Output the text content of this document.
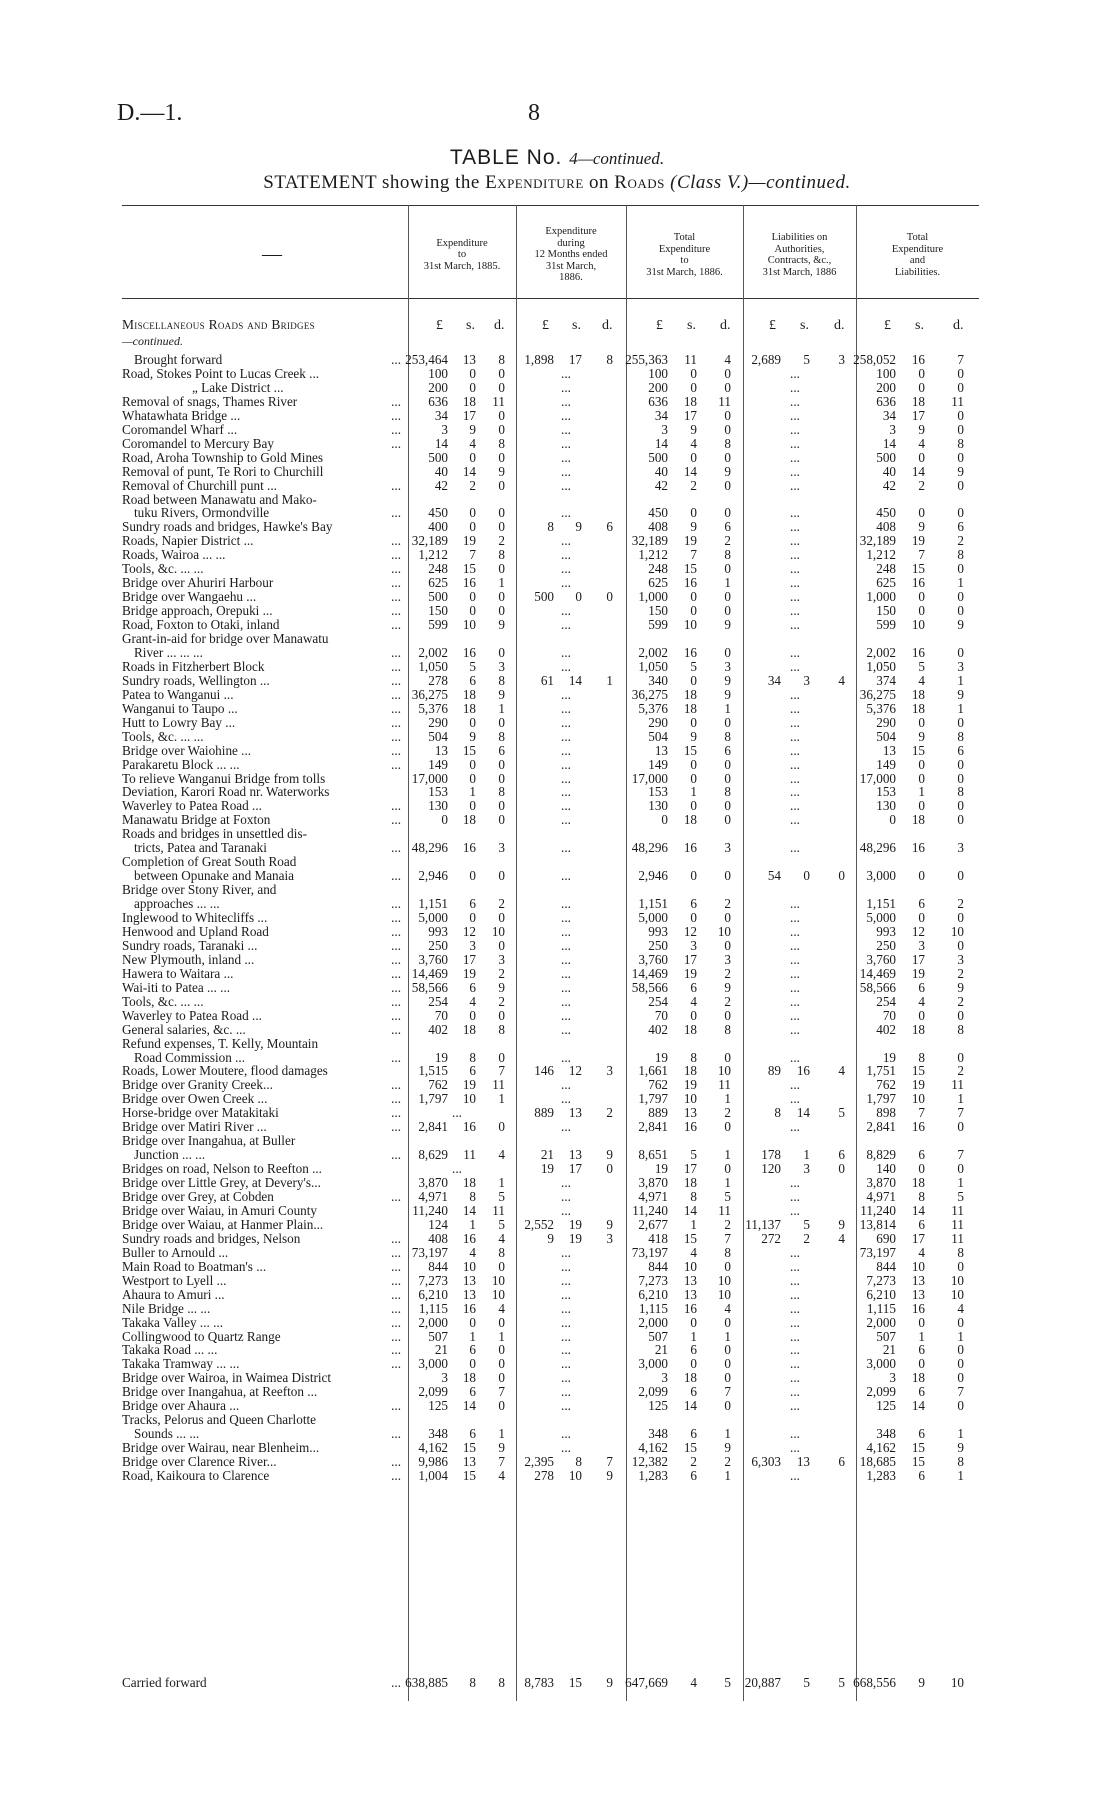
D.—1.	8
TABLE No. 4—continued.
STATEMENT showing the Expenditure on Roads (Class V.)—continued.
—	Expenditure
to
31st March, 1885.
Expenditure
during
12 Months ended
31st March,
1886.
Total
Expenditure
to
31st March, 1886.
Liabilities on
Authorities,
Contracts, &c.,
31st March, 1886
Total
Expenditure
and
Liabilities.
£ s. d.	£ s. d.	£ s. d.	£ s. d.	£ s. d.
Miscellaneous Roads and Bridges
—continued.
Brought forward	... 253,464	13	8	1,898	17	8 255,363	11	4	2,689	5	3 258,052	16	7
Road, Stokes Point to Lucas Creek ...	100	0	0	...	100	0	0	...	100	0	0
„ Lake District ...	200	0	0	...	200	0	0	...	200	0	0
Removal of snags, Thames River	...	636	18	11	...	636	18	11	...	636	18	11
Whatawhata Bridge ...	...	34	17	0	...	34	17	0	...	34	17	0
Coromandel Wharf ...	...	3	9	0	...	3	9	0	...	3	9	0
Coromandel to Mercury Bay	...	14	4	8	...	14	4	8	...	14	4	8
Road, Aroha Township to Gold Mines	500	0	0	...	500	0	0	...	500	0	0
Removal of punt, Te Rori to Churchill	40	14	9	...	40	14	9	...	40	14	9
Removal of Churchill punt ...	...	42	2	0	...	42	2	0	...	42	2	0
Road between Manawatu and Mako-
tuku Rivers, Ormondville	...	450	0	0	...	450	0	0	...	450	0	0
Sundry roads and bridges, Hawke's Bay	400	0	0	8	9	6	408	9	6	...	408	9	6
Roads, Napier District ...	... 32,189	19	2	...	32,189	19	2	...	32,189	19	2
Roads, Wairoa ... ...	...	1,212	7	8	...	1,212	7	8	...	1,212	7	8
Tools, &c. ... ...	...	248	15	0	...	248	15	0	...	248	15	0
Bridge over Ahuriri Harbour	...	625	16	1	...	625	16	1	...	625	16	1
Bridge over Wangaehu ...	...	500	0	0	500	0	0	1,000	0	0	...	1,000	0	0
Bridge approach, Orepuki ...	...	150	0	0	...	150	0	0	...	150	0	0
Road, Foxton to Otaki, inland	...	599	10	9	...	599	10	9	...	599	10	9
Grant-in-aid for bridge over Manawatu
River ... ... ...	...	2,002	16	0	...	2,002	16	0	...	2,002	16	0
Roads in Fitzherbert Block	...	1,050	5	3	...	1,050	5	3	...	1,050	5	3
Sundry roads, Wellington ...	...	278	6	8	61	14	1	340	0	9	34	3	4	374	4	1
Patea to Wanganui ...	... 36,275	18	9	...	36,275	18	9	...	36,275	18	9
Wanganui to Taupo ...	...	5,376	18	1	...	5,376	18	1	...	5,376	18	1
Hutt to Lowry Bay ...	...	290	0	0	...	290	0	0	...	290	0	0
Tools, &c. ... ...	...	504	9	8	...	504	9	8	...	504	9	8
Bridge over Waiohine ...	...	13	15	6	...	13	15	6	...	13	15	6
Parakaretu Block ... ...	...	149	0	0	...	149	0	0	...	149	0	0
To relieve Wanganui Bridge from tolls	17,000	0	0	...	17,000	0	0	...	17,000	0	0
Deviation, Karori Road nr. Waterworks	153	1	8	...	153	1	8	...	153	1	8
Waverley to Patea Road ...	...	130	0	0	...	130	0	0	...	130	0	0
Manawatu Bridge at Foxton	...	0	18	0	...	0	18	0	...	0	18	0
Roads and bridges in unsettled dis-
tricts, Patea and Taranaki	... 48,296	16	3	...	48,296	16	3	...	48,296	16	3
Completion of Great South Road
between Opunake and Manaia	...	2,946	0	0	...	2,946	0	0	54	0	0	3,000	0	0
Bridge over Stony River, and
approaches ... ...	...	1,151	6	2	...	1,151	6	2	...	1,151	6	2
Inglewood to Whitecliffs ...	...	5,000	0	0	...	5,000	0	0	...	5,000	0	0
Henwood and Upland Road	...	993	12	10	...	993	12	10	...	993	12	10
Sundry roads, Taranaki ...	...	250	3	0	...	250	3	0	...	250	3	0
New Plymouth, inland ...	...	3,760	17	3	...	3,760	17	3	...	3,760	17	3
Hawera to Waitara ...	... 14,469	19	2	...	14,469	19	2	...	14,469	19	2
Wai-iti to Patea ... ...	... 58,566	6	9	...	58,566	6	9	...	58,566	6	9
Tools, &c. ... ...	...	254	4	2	...	254	4	2	...	254	4	2
Waverley to Patea Road ...	...	70	0	0	...	70	0	0	...	70	0	0
General salaries, &c. ...	...	402	18	8	...	402	18	8	...	402	18	8
Refund expenses, T. Kelly, Mountain
Road Commission ...	...	19	8	0	...	19	8	0	...	19	8	0
Roads, Lower Moutere, flood damages	1,515	6	7	146	12	3	1,661	18	10	89	16	4	1,751	15	2
Bridge over Granity Creek...	...	762	19	11	...	762	19	11	...	762	19	11
Bridge over Owen Creek ...	...	1,797	10	1	...	1,797	10	1	...	1,797	10	1
Horse-bridge over Matakitaki	...	...	889	13	2	889	13	2	8	14	5	898	7	7
Bridge over Matiri River ...	...	2,841	16	0	...	2,841	16	0	...	2,841	16	0
Bridge over Inangahua, at Buller
Junction ... ...	...	8,629	11	4	21	13	9	8,651	5	1	178	1	6	8,829	6	7
Bridges on road, Nelson to Reefton ...	...	19	17	0	19	17	0	120	3	0	140	0	0
Bridge over Little Grey, at Devery's...	3,870	18	1	...	3,870	18	1	...	3,870	18	1
Bridge over Grey, at Cobden	...	4,971	8	5	...	4,971	8	5	...	4,971	8	5
Bridge over Waiau, in Amuri County	11,240	14	11	...	11,240	14	11	...	11,240	14	11
Bridge over Waiau, at Hanmer Plain...	124	1	5	2,552	19	9	2,677	1	2	11,137	5	9	13,814	6	11
Sundry roads and bridges, Nelson	...	408	16	4	9	19	3	418	15	7	272	2	4	690	17	11
Buller to Arnould ...	... 73,197	4	8	...	73,197	4	8	...	73,197	4	8
Main Road to Boatman's ...	...	844	10	0	...	844	10	0	...	844	10	0
Westport to Lyell ...	...	7,273	13	10	...	7,273	13	10	...	7,273	13	10
Ahaura to Amuri ...	...	6,210	13	10	...	6,210	13	10	...	6,210	13	10
Nile Bridge ... ...	...	1,115	16	4	...	1,115	16	4	...	1,115	16	4
Takaka Valley ... ...	...	2,000	0	0	...	2,000	0	0	...	2,000	0	0
Collingwood to Quartz Range	...	507	1	1	...	507	1	1	...	507	1	1
Takaka Road ... ...	...	21	6	0	...	21	6	0	...	21	6	0
Takaka Tramway ... ...	...	3,000	0	0	...	3,000	0	0	...	3,000	0	0
Bridge over Wairoa, in Waimea District	3	18	0	...	3	18	0	...	3	18	0
Bridge over Inangahua, at Reefton ...	2,099	6	7	...	2,099	6	7	...	2,099	6	7
Bridge over Ahaura ...	...	125	14	0	...	125	14	0	...	125	14	0
Tracks, Pelorus and Queen Charlotte
Sounds ... ...	...	348	6	1	...	348	6	1	...	348	6	1
Bridge over Wairau, near Blenheim...	4,162	15	9	...	4,162	15	9	...	4,162	15	9
Bridge over Clarence River...	...	9,986	13	7	2,395	8	7	12,382	2	2	6,303	13	6	18,685	15	8
Road, Kaikoura to Clarence	...	1,004	15	4	278	10	9	1,283	6	1	...	1,283	6	1
Carried forward	... 638,885	8	8	8,783	15	9 647,669	4	5	20,887	5	5 668,556	9	10
